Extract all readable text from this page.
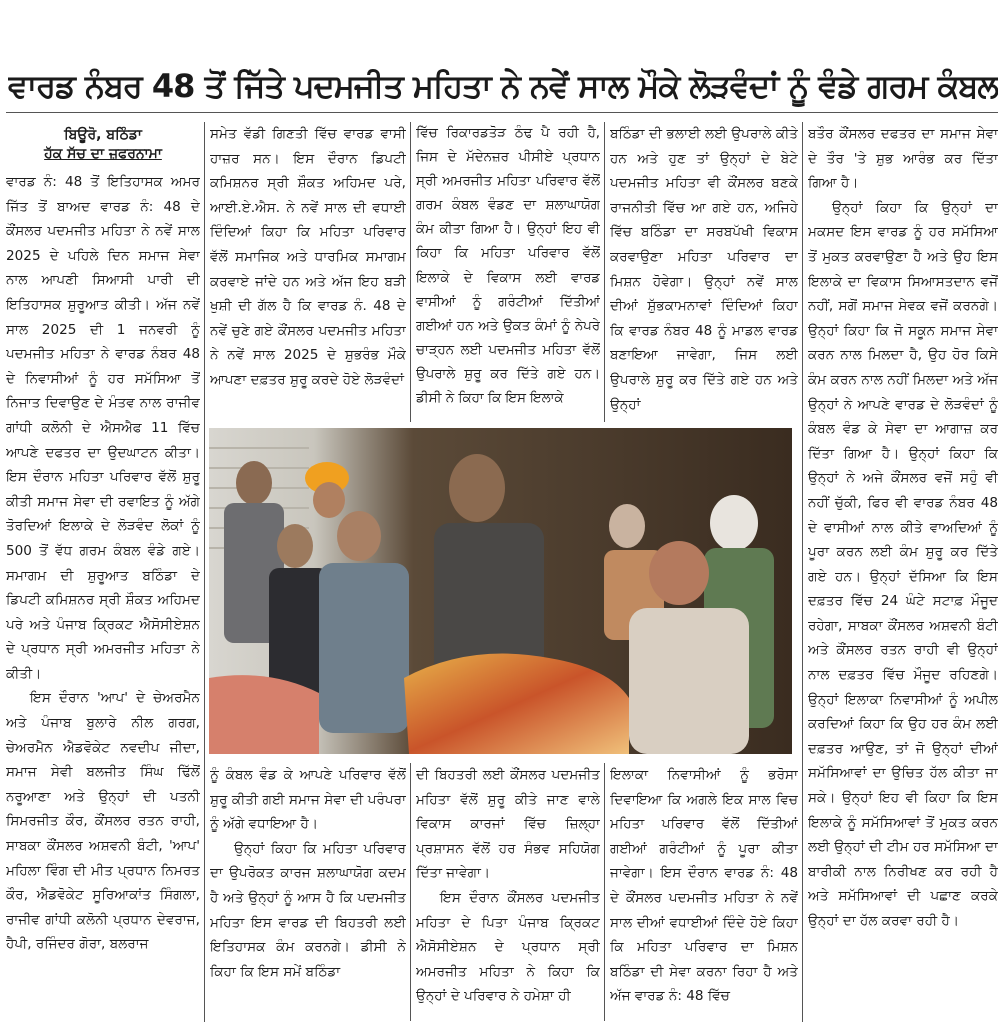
ਵਾਰਡ ਨੰਬਰ 48 ਤੋਂ ਜਿੱਤੇ ਪਦਮਜੀਤ ਮਹਿਤਾ ਨੇ ਨਵੇਂ ਸਾਲ ਮੌਕੇ ਲੋੜਵੰਦਾਂ ਨੂੰ ਵੰਡੇ ਗਰਮ ਕੰਬਲ

ਬਿਊਰੋ, ਬਠਿੰਡਾ

ਹੱਕ ਸੱਚ ਦਾ ਜ਼ਫਰਨਾਮਾ

ਵਾਰਡ ਨੰ: 48 ਤੋਂ ਇਤਿਹਾਸਕ ਅਮਰ ਜਿੱਤ ਤੋਂ ਬਾਅਦ ਵਾਰਡ ਨੰ: 48 ਦੇ ਕੌਂਸਲਰ ਪਦਮਜੀਤ ਮਹਿਤਾ ਨੇ ਨਵੇਂ ਸਾਲ 2025 ਦੇ ਪਹਿਲੇ ਦਿਨ ਸਮਾਜ ਸੇਵਾ ਨਾਲ ਆਪਣੀ ਸਿਆਸੀ ਪਾਰੀ ਦੀ ਇਤਿਹਾਸਕ ਸ਼ੁਰੂਆਤ ਕੀਤੀ। ਅੱਜ ਨਵੇਂ ਸਾਲ 2025 ਦੀ 1 ਜਨਵਰੀ ਨੂੰ ਪਦਮਜੀਤ ਮਹਿਤਾ ਨੇ ਵਾਰਡ ਨੰਬਰ 48 ਦੇ ਨਿਵਾਸੀਆਂ ਨੂੰ ਹਰ ਸਮੱਸਿਆ ਤੋਂ ਨਿਜਾਤ ਦਿਵਾਉਣ ਦੇ ਮੰਤਵ ਨਾਲ ਰਾਜੀਵ ਗਾਂਧੀ ਕਲੋਨੀ ਦੇ ਐਸਐਫ 11 ਵਿੱਚ ਆਪਣੇ ਦਫਤਰ ਦਾ ਉਦਘਾਟਨ ਕੀਤਾ। ਇਸ ਦੌਰਾਨ ਮਹਿਤਾ ਪਰਿਵਾਰ ਵੱਲੋਂ ਸ਼ੁਰੂ ਕੀਤੀ ਸਮਾਜ ਸੇਵਾ ਦੀ ਰਵਾਇਤ ਨੂੰ ਅੱਗੇ ਤੋਰਦਿਆਂ ਇਲਾਕੇ ਦੇ ਲੋੜਵੰਦ ਲੋਕਾਂ ਨੂੰ 500 ਤੋਂ ਵੱਧ ਗਰਮ ਕੰਬਲ ਵੰਡੇ ਗਏ। ਸਮਾਗਮ ਦੀ ਸ਼ੁਰੂਆਤ ਬਠਿੰਡਾ ਦੇ ਡਿਪਟੀ ਕਮਿਸ਼ਨਰ ਸ੍ਰੀ ਸ਼ੌਕਤ ਅਹਿਮਦ ਪਰੇ ਅਤੇ ਪੰਜਾਬ ਕ੍ਰਿਕਟ ਐਸੋਸੀਏਸ਼ਨ ਦੇ ਪ੍ਰਧਾਨ ਸ੍ਰੀ ਅਮਰਜੀਤ ਮਹਿਤਾ ਨੇ ਕੀਤੀ।

ਇਸ ਦੌਰਾਨ 'ਆਪ' ਦੇ ਚੇਅਰਮੈਨ ਅਤੇ ਪੰਜਾਬ ਬੁਲਾਰੇ ਨੀਲ ਗਰਗ, ਚੇਅਰਮੈਨ ਐਡਵੋਕੇਟ ਨਵਦੀਪ ਜੀਦਾ, ਸਮਾਜ ਸੇਵੀ ਬਲਜੀਤ ਸਿੰਘ ਢਿੱਲੋਂ ਨਰੂਆਣਾ ਅਤੇ ਉਨ੍ਹਾਂ ਦੀ ਪਤਨੀ ਸਿਮਰਜੀਤ ਕੌਰ, ਕੌਂਸਲਰ ਰਤਨ ਰਾਹੀ, ਸਾਬਕਾ ਕੌਂਸਲਰ ਅਸ਼ਵਨੀ ਬੰਟੀ, 'ਆਪ' ਮਹਿਲਾ ਵਿੰਗ ਦੀ ਮੀਤ ਪ੍ਰਧਾਨ ਨਿਮਰਤ ਕੌਰ, ਐਡਵੋਕੇਟ ਸੂਰਿਆਕਾਂਤ ਸਿੰਗਲਾ, ਰਾਜੀਵ ਗਾਂਧੀ ਕਲੋਨੀ ਪ੍ਰਧਾਨ ਦੇਵਰਾਜ, ਹੈਪੀ, ਰਜਿੰਦਰ ਗੋਰਾ, ਬਲਰਾਜ

ਸਮੇਤ ਵੱਡੀ ਗਿਣਤੀ ਵਿੱਚ ਵਾਰਡ ਵਾਸੀ ਹਾਜ਼ਰ ਸਨ। ਇਸ ਦੌਰਾਨ ਡਿਪਟੀ ਕਮਿਸ਼ਨਰ ਸ੍ਰੀ ਸ਼ੌਕਤ ਅਹਿਮਦ ਪਰੇ, ਆਈ.ਏ.ਐਸ. ਨੇ ਨਵੇਂ ਸਾਲ ਦੀ ਵਧਾਈ ਦਿੰਦਿਆਂ ਕਿਹਾ ਕਿ ਮਹਿਤਾ ਪਰਿਵਾਰ ਵੱਲੋਂ ਸਮਾਜਿਕ ਅਤੇ ਧਾਰਮਿਕ ਸਮਾਗਮ ਕਰਵਾਏ ਜਾਂਦੇ ਹਨ ਅਤੇ ਅੱਜ ਇਹ ਬੜੀ ਖੁਸ਼ੀ ਦੀ ਗੱਲ ਹੈ ਕਿ ਵਾਰਡ ਨੰ. 48 ਦੇ ਨਵੇਂ ਚੁਣੇ ਗਏ ਕੌਂਸਲਰ ਪਦਮਜੀਤ ਮਹਿਤਾ ਨੇ ਨਵੇਂ ਸਾਲ 2025 ਦੇ ਸ਼ੁਭਰੰਭ ਮੌਕੇ ਆਪਣਾ ਦਫ਼ਤਰ ਸ਼ੁਰੂ ਕਰਦੇ ਹੋਏ ਲੋੜਵੰਦਾਂ

ਵਿੱਚ ਰਿਕਾਰਡਤੋੜ ਠੰਢ ਪੈ ਰਹੀ ਹੈ, ਜਿਸ ਦੇ ਮੱਦੇਨਜ਼ਰ ਪੀਸੀਏ ਪ੍ਰਧਾਨ ਸ੍ਰੀ ਅਮਰਜੀਤ ਮਹਿਤਾ ਪਰਿਵਾਰ ਵੱਲੋਂ ਗਰਮ ਕੰਬਲ ਵੰਡਣ ਦਾ ਸ਼ਲਾਘਾਯੋਗ ਕੰਮ ਕੀਤਾ ਗਿਆ ਹੈ। ਉਨ੍ਹਾਂ ਇਹ ਵੀ ਕਿਹਾ ਕਿ ਮਹਿਤਾ ਪਰਿਵਾਰ ਵੱਲੋਂ ਇਲਾਕੇ ਦੇ ਵਿਕਾਸ ਲਈ ਵਾਰਡ ਵਾਸੀਆਂ ਨੂੰ ਗਰੰਟੀਆਂ ਦਿੱਤੀਆਂ ਗਈਆਂ ਹਨ ਅਤੇ ਉਕਤ ਕੰਮਾਂ ਨੂੰ ਨੇਪਰੇ ਚਾੜ੍ਹਨ ਲਈ ਪਦਮਜੀਤ ਮਹਿਤਾ ਵੱਲੋਂ ਉਪਰਾਲੇ ਸ਼ੁਰੂ ਕਰ ਦਿੱਤੇ ਗਏ ਹਨ। ਡੀਸੀ ਨੇ ਕਿਹਾ ਕਿ ਇਸ ਇਲਾਕੇ

ਬਠਿੰਡਾ ਦੀ ਭਲਾਈ ਲਈ ਉਪਰਾਲੇ ਕੀਤੇ ਹਨ ਅਤੇ ਹੁਣ ਤਾਂ ਉਨ੍ਹਾਂ ਦੇ ਬੇਟੇ ਪਦਮਜੀਤ ਮਹਿਤਾ ਵੀ ਕੌਂਸਲਰ ਬਣਕੇ ਰਾਜਨੀਤੀ ਵਿੱਚ ਆ ਗਏ ਹਨ, ਅਜਿਹੇ ਵਿੱਚ ਬਠਿੰਡਾ ਦਾ ਸਰਬਪੱਖੀ ਵਿਕਾਸ ਕਰਵਾਉਣਾ ਮਹਿਤਾ ਪਰਿਵਾਰ ਦਾ ਮਿਸ਼ਨ ਹੋਵੇਗਾ। ਉਨ੍ਹਾਂ ਨਵੇਂ ਸਾਲ ਦੀਆਂ ਸ਼ੁੱਭਕਾਮਨਾਵਾਂ ਦਿੰਦਿਆਂ ਕਿਹਾ ਕਿ ਵਾਰਡ ਨੰਬਰ 48 ਨੂੰ ਮਾਡਲ ਵਾਰਡ ਬਣਾਇਆ ਜਾਵੇਗਾ, ਜਿਸ ਲਈ ਉਪਰਾਲੇ ਸ਼ੁਰੂ ਕਰ ਦਿੱਤੇ ਗਏ ਹਨ ਅਤੇ ਉਨ੍ਹਾਂ

ਨੂੰ ਕੰਬਲ ਵੰਡ ਕੇ ਆਪਣੇ ਪਰਿਵਾਰ ਵੱਲੋਂ ਸ਼ੁਰੂ ਕੀਤੀ ਗਈ ਸਮਾਜ ਸੇਵਾ ਦੀ ਪਰੰਪਰਾ ਨੂੰ ਅੱਗੇ ਵਧਾਇਆ ਹੈ।

ਉਨ੍ਹਾਂ ਕਿਹਾ ਕਿ ਮਹਿਤਾ ਪਰਿਵਾਰ ਦਾ ਉਪਰੋਕਤ ਕਾਰਜ ਸ਼ਲਾਘਾਯੋਗ ਕਦਮ ਹੈ ਅਤੇ ਉਨ੍ਹਾਂ ਨੂੰ ਆਸ ਹੈ ਕਿ ਪਦਮਜੀਤ ਮਹਿਤਾ ਇਸ ਵਾਰਡ ਦੀ ਬਿਹਤਰੀ ਲਈ ਇਤਿਹਾਸਕ ਕੰਮ ਕਰਨਗੇ। ਡੀਸੀ ਨੇ ਕਿਹਾ ਕਿ ਇਸ ਸਮੇਂ ਬਠਿੰਡਾ

ਦੀ ਬਿਹਤਰੀ ਲਈ ਕੌਂਸਲਰ ਪਦਮਜੀਤ ਮਹਿਤਾ ਵੱਲੋਂ ਸ਼ੁਰੂ ਕੀਤੇ ਜਾਣ ਵਾਲੇ ਵਿਕਾਸ ਕਾਰਜਾਂ ਵਿੱਚ ਜ਼ਿਲ੍ਹਾ ਪ੍ਰਸ਼ਾਸਨ ਵੱਲੋਂ ਹਰ ਸੰਭਵ ਸਹਿਯੋਗ ਦਿੱਤਾ ਜਾਵੇਗਾ।

ਇਸ ਦੌਰਾਨ ਕੌਂਸਲਰ ਪਦਮਜੀਤ ਮਹਿਤਾ ਦੇ ਪਿਤਾ ਪੰਜਾਬ ਕ੍ਰਿਕਟ ਐਸੋਸੀਏਸ਼ਨ ਦੇ ਪ੍ਰਧਾਨ ਸ੍ਰੀ ਅਮਰਜੀਤ ਮਹਿਤਾ ਨੇ ਕਿਹਾ ਕਿ ਉਨ੍ਹਾਂ ਦੇ ਪਰਿਵਾਰ ਨੇ ਹਮੇਸ਼ਾ ਹੀ

ਇਲਾਕਾ ਨਿਵਾਸੀਆਂ ਨੂੰ ਭਰੋਸਾ ਦਿਵਾਇਆ ਕਿ ਅਗਲੇ ਇਕ ਸਾਲ ਵਿਚ ਮਹਿਤਾ ਪਰਿਵਾਰ ਵੱਲੋਂ ਦਿੱਤੀਆਂ ਗਈਆਂ ਗਰੰਟੀਆਂ ਨੂੰ ਪੂਰਾ ਕੀਤਾ ਜਾਵੇਗਾ। ਇਸ ਦੌਰਾਨ ਵਾਰਡ ਨੰ: 48 ਦੇ ਕੌਂਸਲਰ ਪਦਮਜੀਤ ਮਹਿਤਾ ਨੇ ਨਵੇਂ ਸਾਲ ਦੀਆਂ ਵਧਾਈਆਂ ਦਿੰਦੇ ਹੋਏ ਕਿਹਾ ਕਿ ਮਹਿਤਾ ਪਰਿਵਾਰ ਦਾ ਮਿਸ਼ਨ ਬਠਿੰਡਾ ਦੀ ਸੇਵਾ ਕਰਨਾ ਰਿਹਾ ਹੈ ਅਤੇ ਅੱਜ ਵਾਰਡ ਨੰ: 48 ਵਿੱਚ

ਬਤੌਰ ਕੌਂਸਲਰ ਦਫਤਰ ਦਾ ਸਮਾਜ ਸੇਵਾ ਦੇ ਤੌਰ 'ਤੇ ਸ਼ੁਭ ਆਰੰਭ ਕਰ ਦਿੱਤਾ ਗਿਆ ਹੈ।

ਉਨ੍ਹਾਂ ਕਿਹਾ ਕਿ ਉਨ੍ਹਾਂ ਦਾ ਮਕਸਦ ਇਸ ਵਾਰਡ ਨੂੰ ਹਰ ਸਮੱਸਿਆ ਤੋਂ ਮੁਕਤ ਕਰਵਾਉਣਾ ਹੈ ਅਤੇ ਉਹ ਇਸ ਇਲਾਕੇ ਦਾ ਵਿਕਾਸ ਸਿਆਸਤਦਾਨ ਵਜੋਂ ਨਹੀਂ, ਸਗੋਂ ਸਮਾਜ ਸੇਵਕ ਵਜੋਂ ਕਰਨਗੇ। ਉਨ੍ਹਾਂ ਕਿਹਾ ਕਿ ਜੋ ਸਕੂਨ ਸਮਾਜ ਸੇਵਾ ਕਰਨ ਨਾਲ ਮਿਲਦਾ ਹੈ, ਉਹ ਹੋਰ ਕਿਸੇ ਕੰਮ ਕਰਨ ਨਾਲ ਨਹੀਂ ਮਿਲਦਾ ਅਤੇ ਅੱਜ ਉਨ੍ਹਾਂ ਨੇ ਆਪਣੇ ਵਾਰਡ ਦੇ ਲੋੜਵੰਦਾਂ ਨੂੰ ਕੰਬਲ ਵੰਡ ਕੇ ਸੇਵਾ ਦਾ ਆਗਾਜ਼ ਕਰ ਦਿੱਤਾ ਗਿਆ ਹੈ। ਉਨ੍ਹਾਂ ਕਿਹਾ ਕਿ ਉਨ੍ਹਾਂ ਨੇ ਅਜੇ ਕੌਂਸਲਰ ਵਜੋਂ ਸਹੁੰ ਵੀ ਨਹੀਂ ਚੁੱਕੀ, ਫਿਰ ਵੀ ਵਾਰਡ ਨੰਬਰ 48 ਦੇ ਵਾਸੀਆਂ ਨਾਲ ਕੀਤੇ ਵਾਅਦਿਆਂ ਨੂੰ ਪੂਰਾ ਕਰਨ ਲਈ ਕੰਮ ਸ਼ੁਰੂ ਕਰ ਦਿੱਤੇ ਗਏ ਹਨ। ਉਨ੍ਹਾਂ ਦੱਸਿਆ ਕਿ ਇਸ ਦਫ਼ਤਰ ਵਿੱਚ 24 ਘੰਟੇ ਸਟਾਫ਼ ਮੌਜੂਦ ਰਹੇਗਾ, ਸਾਬਕਾ ਕੌਂਸਲਰ ਅਸ਼ਵਨੀ ਬੰਟੀ ਅਤੇ ਕੌਂਸਲਰ ਰਤਨ ਰਾਹੀ ਵੀ ਉਨ੍ਹਾਂ ਨਾਲ ਦਫ਼ਤਰ ਵਿੱਚ ਮੌਜੂਦ ਰਹਿਣਗੇ। ਉਨ੍ਹਾਂ ਇਲਾਕਾ ਨਿਵਾਸੀਆਂ ਨੂੰ ਅਪੀਲ ਕਰਦਿਆਂ ਕਿਹਾ ਕਿ ਉਹ ਹਰ ਕੰਮ ਲਈ ਦਫ਼ਤਰ ਆਉਣ, ਤਾਂ ਜੋ ਉਨ੍ਹਾਂ ਦੀਆਂ ਸਮੱਸਿਆਵਾਂ ਦਾ ਉਚਿਤ ਹੱਲ ਕੀਤਾ ਜਾ ਸਕੇ। ਉਨ੍ਹਾਂ ਇਹ ਵੀ ਕਿਹਾ ਕਿ ਇਸ ਇਲਾਕੇ ਨੂੰ ਸਮੱਸਿਆਵਾਂ ਤੋਂ ਮੁਕਤ ਕਰਨ ਲਈ ਉਨ੍ਹਾਂ ਦੀ ਟੀਮ ਹਰ ਸਮੱਸਿਆ ਦਾ ਬਾਰੀਕੀ ਨਾਲ ਨਿਰੀਖਣ ਕਰ ਰਹੀ ਹੈ ਅਤੇ ਸਮੱਸਿਆਵਾਂ ਦੀ ਪਛਾਣ ਕਰਕੇ ਉਨ੍ਹਾਂ ਦਾ ਹੱਲ ਕਰਵਾ ਰਹੀ ਹੈ।
